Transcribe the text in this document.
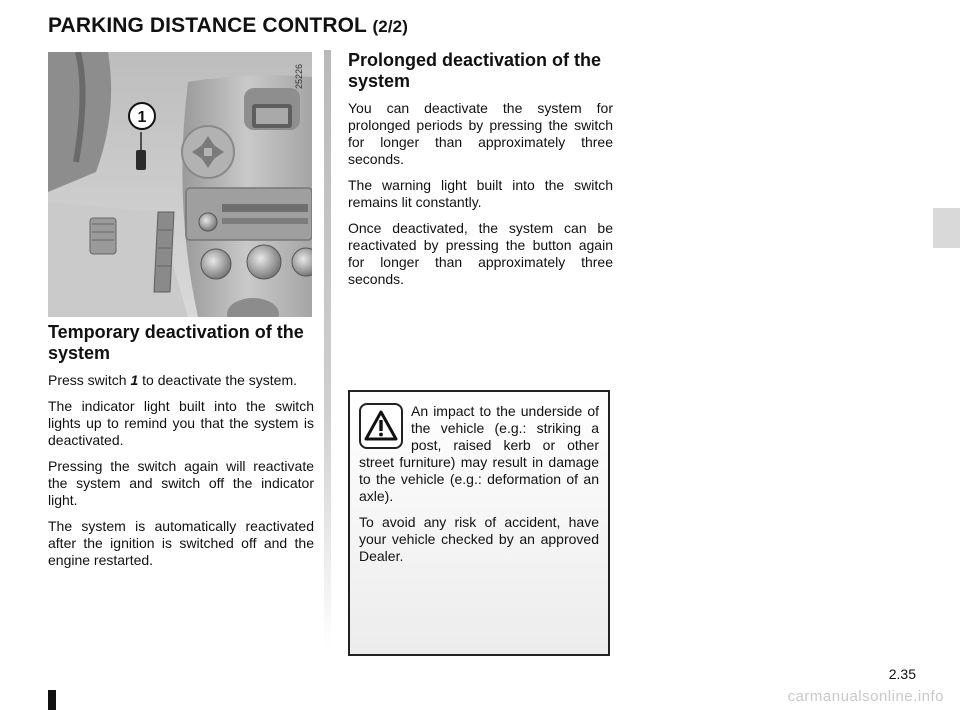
PARKING DISTANCE CONTROL (2/2)
1
25226
Temporary deactivation of the system

Press switch 1 to deactivate the system.

The indicator light built into the switch lights up to remind you that the system is deactivated.

Pressing the switch again will reactivate the system and switch off the indicator light.

The system is automatically reactivated after the ignition is switched off and the engine restarted.

Prolonged deactivation of the system

You can deactivate the system for prolonged periods by pressing the switch for longer than approximately three seconds.

The warning light built into the switch remains lit constantly.

Once deactivated, the system can be reactivated by pressing the button again for longer than approximately three seconds.

An impact to the underside of the vehicle (e.g.: striking a post, raised kerb or other street furniture) may result in damage to the vehicle (e.g.: deformation of an axle).

To avoid any risk of accident, have your vehicle checked by an approved Dealer.

2.35
carmanualsonline.info
